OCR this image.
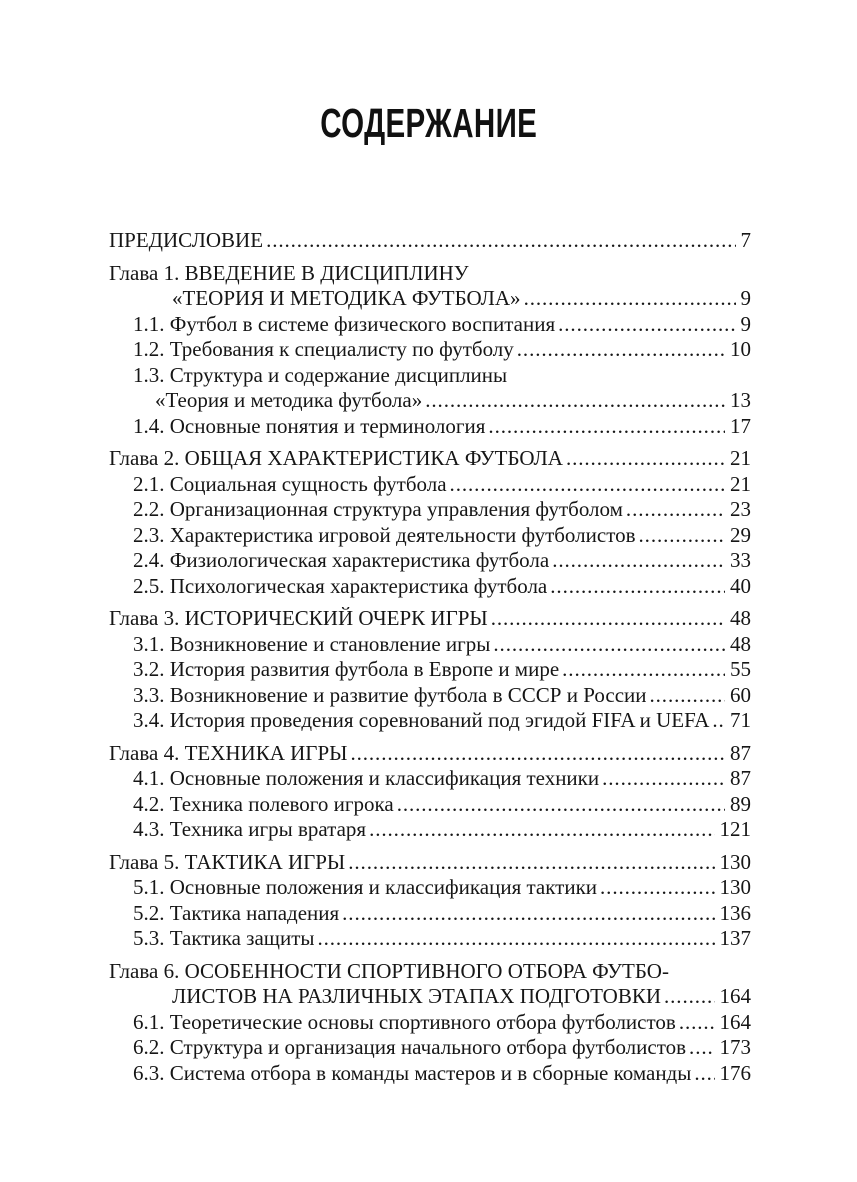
СОДЕРЖАНИЕ
ПРЕДИСЛОВИЕ .....	7
Глава 1. ВВЕДЕНИЕ В ДИСЦИПЛИНУ
«ТЕОРИЯ И МЕТОДИКА ФУТБОЛА» .....	9
1.1. Футбол в системе физического воспитания .....	9
1.2. Требования к специалисту по футболу .....	10
1.3. Структура и содержание дисциплины
«Теория и методика футбола» .....	13
1.4. Основные понятия и терминология .....	17
Глава 2. ОБЩАЯ ХАРАКТЕРИСТИКА ФУТБОЛА .....	21
2.1. Социальная сущность футбола .....	21
2.2. Организационная структура управления футболом .....	23
2.3. Характеристика игровой деятельности футболистов .....	29
2.4. Физиологическая характеристика футбола .....	33
2.5. Психологическая характеристика футбола .....	40
Глава 3. ИСТОРИЧЕСКИЙ ОЧЕРК ИГРЫ .....	48
3.1. Возникновение и становление игры .....	48
3.2. История развития футбола в Европе и мире .....	55
3.3. Возникновение и развитие футбола в СССР и России .....	60
3.4. История проведения соревнований под эгидой FIFA и UEFA ..... 71
Глава 4. ТЕХНИКА ИГРЫ .....	87
4.1. Основные положения и классификация техники .....	87
4.2. Техника полевого игрока .....	89
4.3. Техника игры вратаря .....	121
Глава 5. ТАКТИКА ИГРЫ .....	130
5.1. Основные положения и классификация тактики .....	130
5.2. Тактика нападения .....	136
5.3. Тактика защиты .....	137
Глава 6. ОСОБЕННОСТИ СПОРТИВНОГО ОТБОРА ФУТБО-
ЛИСТОВ НА РАЗЛИЧНЫХ ЭТАПАХ ПОДГОТОВКИ .....	164
6.1. Теоретические основы спортивного отбора футболистов ..... 164
6.2. Структура и организация начального отбора футболистов ..... 173
6.3. Система отбора в команды мастеров и в сборные команды ..... 176
